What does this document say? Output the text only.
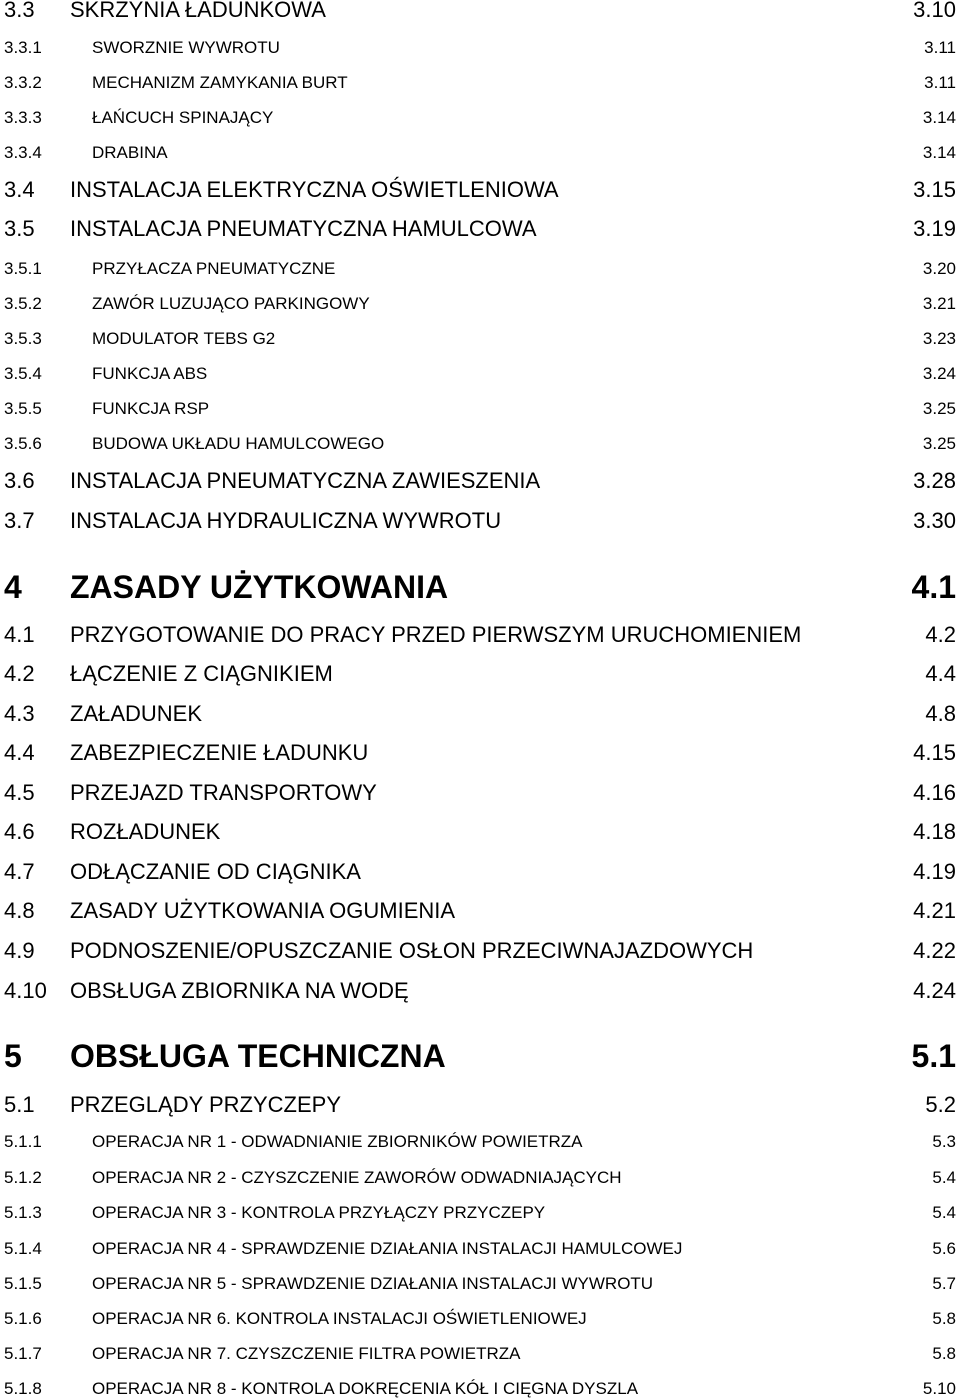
3.3 SKRZYNIA ŁADUNKOWA	3.10
3.3.1	SWORZNIE WYWROTU	3.11
3.3.2	MECHANIZM ZAMYKANIA BURT	3.11
3.3.3	ŁAŃCUCH SPINAJĄCY	3.14
3.3.4	DRABINA	3.14
3.4 INSTALACJA ELEKTRYCZNA OŚWIETLENIOWA	3.15
3.5 INSTALACJA PNEUMATYCZNA HAMULCOWA	3.19
3.5.1	PRZYŁACZA PNEUMATYCZNE	3.20
3.5.2	ZAWÓR LUZUJĄCO PARKINGOWY	3.21
3.5.3	MODULATOR TEBS G2	3.23
3.5.4	FUNKCJA ABS	3.24
3.5.5	FUNKCJA RSP	3.25
3.5.6	BUDOWA UKŁADU HAMULCOWEGO	3.25
3.6 INSTALACJA PNEUMATYCZNA ZAWIESZENIA	3.28
3.7 INSTALACJA HYDRAULICZNA WYWROTU	3.30
4 ZASADY UŻYTKOWANIA	4.1
4.1 PRZYGOTOWANIE DO PRACY PRZED PIERWSZYM URUCHOMIENIEM	4.2
4.2 ŁĄCZENIE Z CIĄGNIKIEM	4.4
4.3 ZAŁADUNEK	4.8
4.4 ZABEZPIECZENIE ŁADUNKU	4.15
4.5 PRZEJAZD TRANSPORTOWY	4.16
4.6 ROZŁADUNEK	4.18
4.7 ODŁĄCZANIE OD CIĄGNIKA	4.19
4.8 ZASADY UŻYTKOWANIA OGUMIENIA	4.21
4.9 PODNOSZENIE/OPUSZCZANIE OSŁON PRZECIWNAJAZDOWYCH	4.22
4.10 OBSŁUGA ZBIORNIKA NA WODĘ	4.24
5 OBSŁUGA TECHNICZNA	5.1
5.1 PRZEGLĄDY PRZYCZEPY	5.2
5.1.1	OPERACJA NR 1 - ODWADNIANIE ZBIORNIKÓW POWIETRZA	5.3
5.1.2	OPERACJA NR 2 - CZYSZCZENIE ZAWORÓW ODWADNIAJĄCYCH	5.4
5.1.3	OPERACJA NR 3 - KONTROLA PRZYŁĄCZY PRZYCZEPY	5.4
5.1.4	OPERACJA NR 4 - SPRAWDZENIE DZIAŁANIA INSTALACJI HAMULCOWEJ	5.6
5.1.5	OPERACJA NR 5 - SPRAWDZENIE DZIAŁANIA INSTALACJI WYWROTU	5.7
5.1.6	OPERACJA NR 6. KONTROLA INSTALACJI OŚWIETLENIOWEJ	5.8
5.1.7	OPERACJA NR 7. CZYSZCZENIE FILTRA POWIETRZA	5.8
5.1.8	OPERACJA NR 8 - KONTROLA DOKRĘCENIA KÓŁ I CIĘGNA DYSZLA	5.10
